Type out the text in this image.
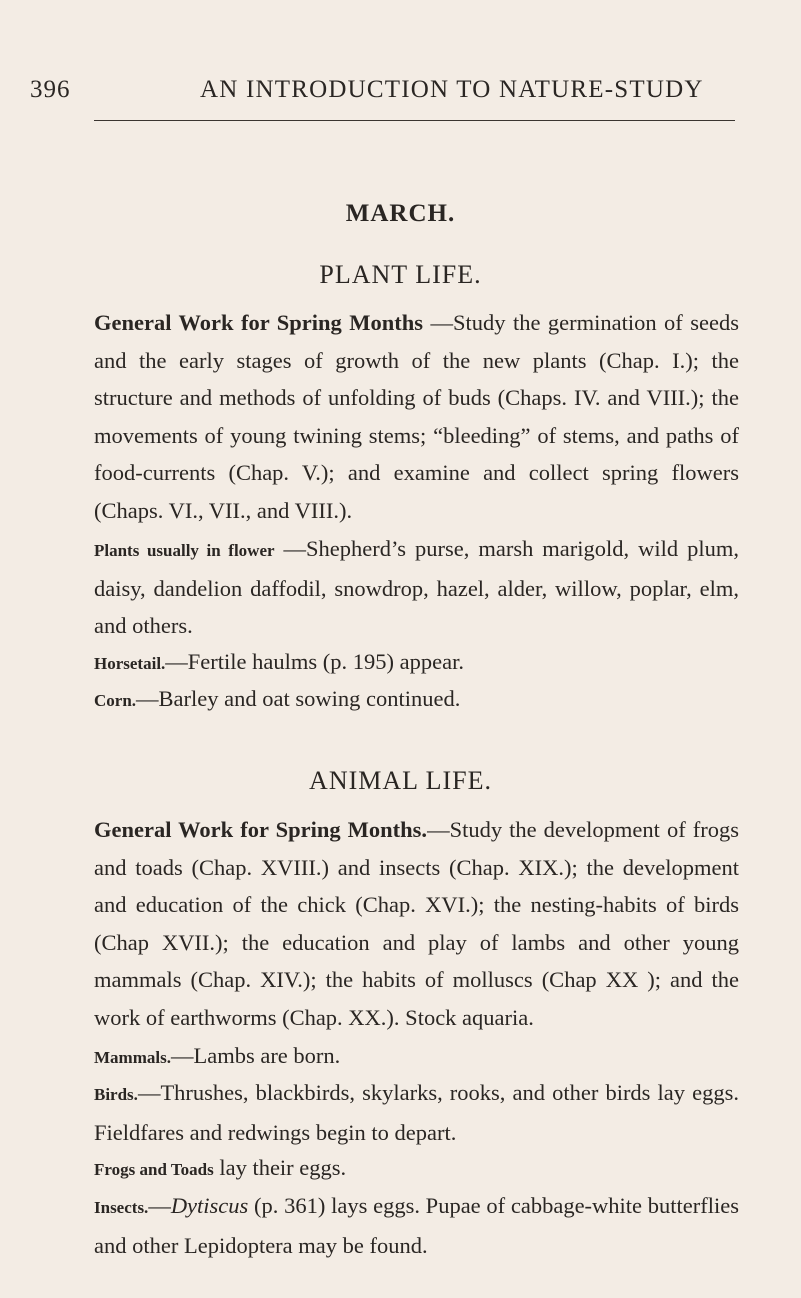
396	AN INTRODUCTION TO NATURE-STUDY
MARCH.
PLANT LIFE.

General Work for Spring Months —Study the germination of seeds and the early stages of growth of the new plants (Chap. I.); the structure and methods of unfolding of buds (Chaps. IV. and VIII.); the movements of young twining stems; “bleeding” of stems, and paths of food-currents (Chap. V.); and examine and collect spring flowers (Chaps. VI., VII., and VIII.).

Plants usually in flower —Shepherd’s purse, marsh marigold, wild plum, daisy, dandelion daffodil, snowdrop, hazel, alder, willow, poplar, elm, and others.

Horsetail.—Fertile haulms (p. 195) appear.

Corn.—Barley and oat sowing continued.

ANIMAL LIFE.

General Work for Spring Months.—Study the development of frogs and toads (Chap. XVIII.) and insects (Chap. XIX.); the development and education of the chick (Chap. XVI.); the nesting-habits of birds (Chap XVII.); the education and play of lambs and other young mammals (Chap. XIV.); the habits of molluscs (Chap XX ); and the work of earthworms (Chap. XX.). Stock aquaria.

Mammals.—Lambs are born.

Birds.—Thrushes, blackbirds, skylarks, rooks, and other birds lay eggs. Fieldfares and redwings begin to depart.

Frogs and Toads lay their eggs.

Insects.—Dytiscus (p. 361) lays eggs. Pupae of cabbage-white butterflies and other Lepidoptera may be found.
